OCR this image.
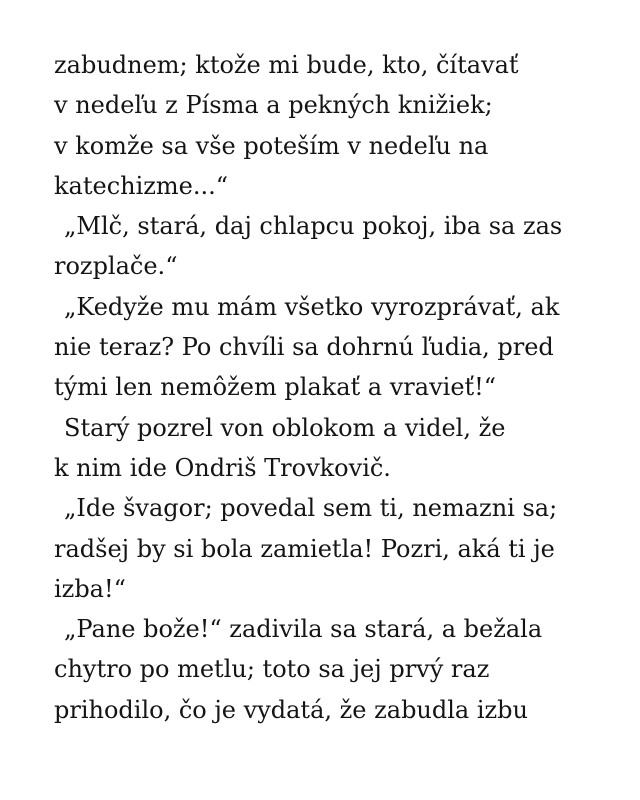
zabudnem; ktože mi bude, kto, čítavať
v nedeľu z Písma a pekných knižiek;
v komže sa vše poteším v nedeľu na
katechizme...“
„Mlč, stará, daj chlapcu pokoj, iba sa zas
rozplače.“
„Kedyže mu mám všetko vyrozprávať, ak
nie teraz? Po chvíli sa dohrnú ľudia, pred
tými len nemôžem plakať a vravieť!“
Starý pozrel von oblokom a videl, že
k nim ide Ondriš Trovkovič.
„Ide švagor; povedal sem ti, nemazni sa;
radšej by si bola zamietla! Pozri, aká ti je
izba!“
„Pane bože!“ zadivila sa stará, a bežala
chytro po metlu; toto sa jej prvý raz
prihodilo, čo je vydatá, že zabudla izbu
